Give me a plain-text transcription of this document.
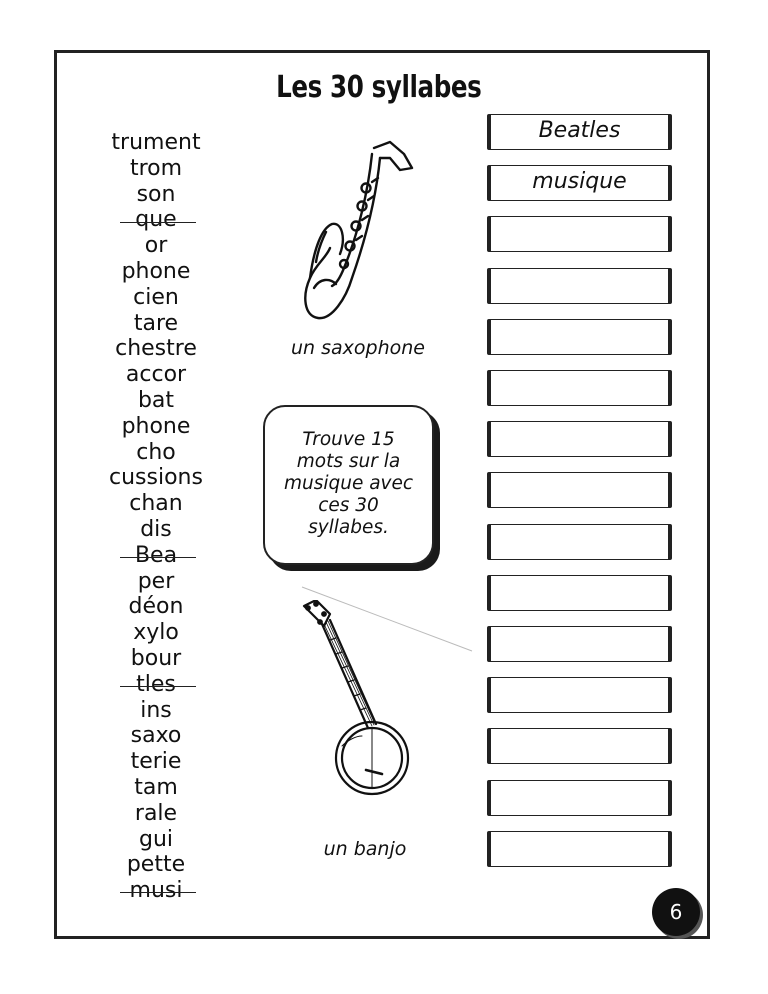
Les 30 syllabes
trument
trom
son
que
or
phone
cien
tare
chestre
accor
bat
phone
cho
cussions
chan
dis
Bea
per
déon
xylo
bour
tles
ins
saxo
terie
tam
rale
gui
pette
musi
un saxophone
Trouve 15
mots sur la
musique avec
ces 30
syllabes.
un banjo
Beatles
musique
6
